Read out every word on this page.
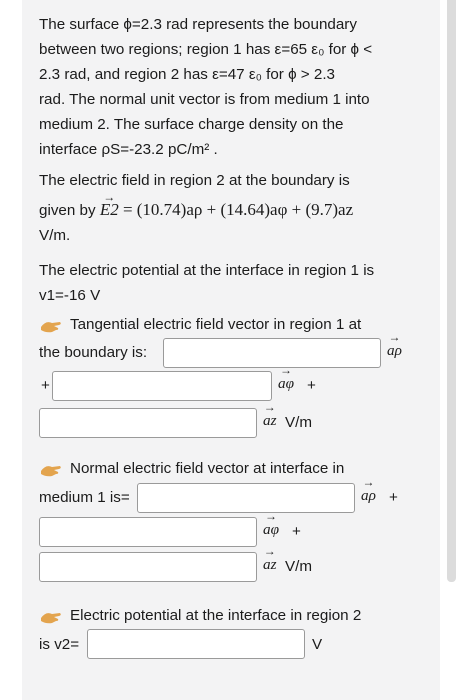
The surface ϕ=2.3 rad represents the boundary
between two regions; region 1 has ε=65 ε₀ for ϕ <
2.3 rad, and region 2 has ε=47 ε₀ for ϕ > 2.3
rad. The normal unit vector is from medium 1 into
medium 2. The surface charge density on the
interface ρS=-23.2 pC/m² .
The electric field in region 2 at the boundary is
given by → E2 = (10.74)aρ + (14.64)aφ + (9.7)az
V/m.
The electric potential at the interface in region 1 is
v1=-16 V
Tangential electric field vector in region 1 at
the boundary is:	→ aρ
+	→ aφ +
→ az V/m
Normal electric field vector at interface in
medium 1 is=	→ aρ +
→ aφ +
→ az V/m
Electric potential at the interface in region 2
is v2=	V
